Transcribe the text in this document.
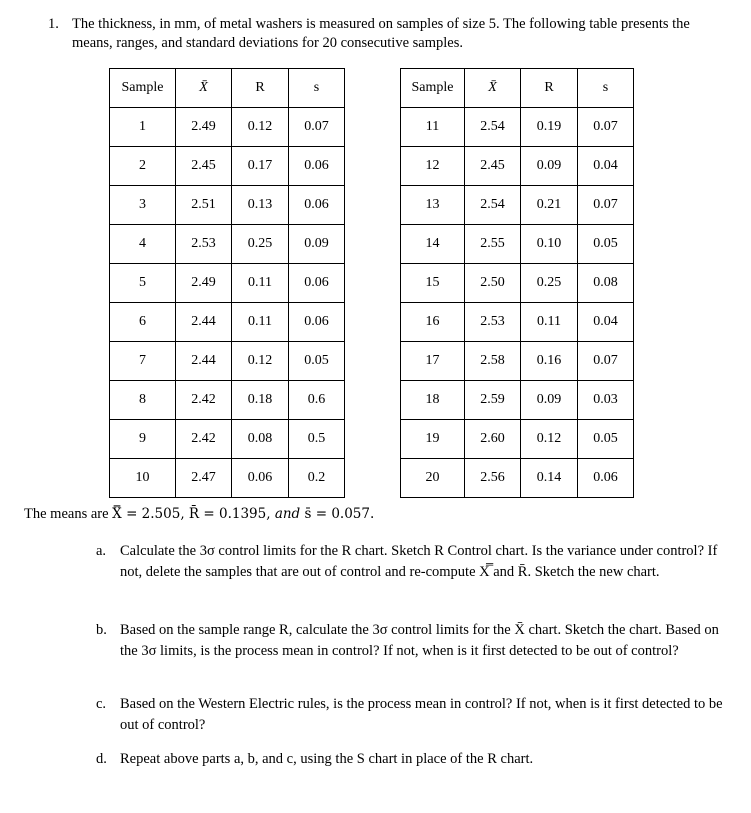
1. The thickness, in mm, of metal washers is measured on samples of size 5. The following table presents the means, ranges, and standard deviations for 20 consecutive samples.
Sample	X̄	R	s
1	2.49	0.12	0.07
2	2.45	0.17	0.06
3	2.51	0.13	0.06
4	2.53	0.25	0.09
5	2.49	0.11	0.06
6	2.44	0.11	0.06
7	2.44	0.12	0.05
8	2.42	0.18	0.6
9	2.42	0.08	0.5
10	2.47	0.06	0.2
Sample	X̄	R	s
11	2.54	0.19	0.07
12	2.45	0.09	0.04
13	2.54	0.21	0.07
14	2.55	0.10	0.05
15	2.50	0.25	0.08
16	2.53	0.11	0.04
17	2.58	0.16	0.07
18	2.59	0.09	0.03
19	2.60	0.12	0.05
20	2.56	0.14	0.06
The means are X̿ = 2.505, R̄ = 0.1395, and s̄ = 0.057.
a. Calculate the 3σ control limits for the R chart. Sketch R Control chart. Is the variance under control? If not, delete the samples that are out of control and re-compute X̿ and R̄. Sketch the new chart.
b. Based on the sample range R, calculate the 3σ control limits for the X̄ chart. Sketch the chart. Based on the 3σ limits, is the process mean in control? If not, when is it first detected to be out of control?
c. Based on the Western Electric rules, is the process mean in control? If not, when is it first detected to be out of control?
d. Repeat above parts a, b, and c, using the S chart in place of the R chart.
